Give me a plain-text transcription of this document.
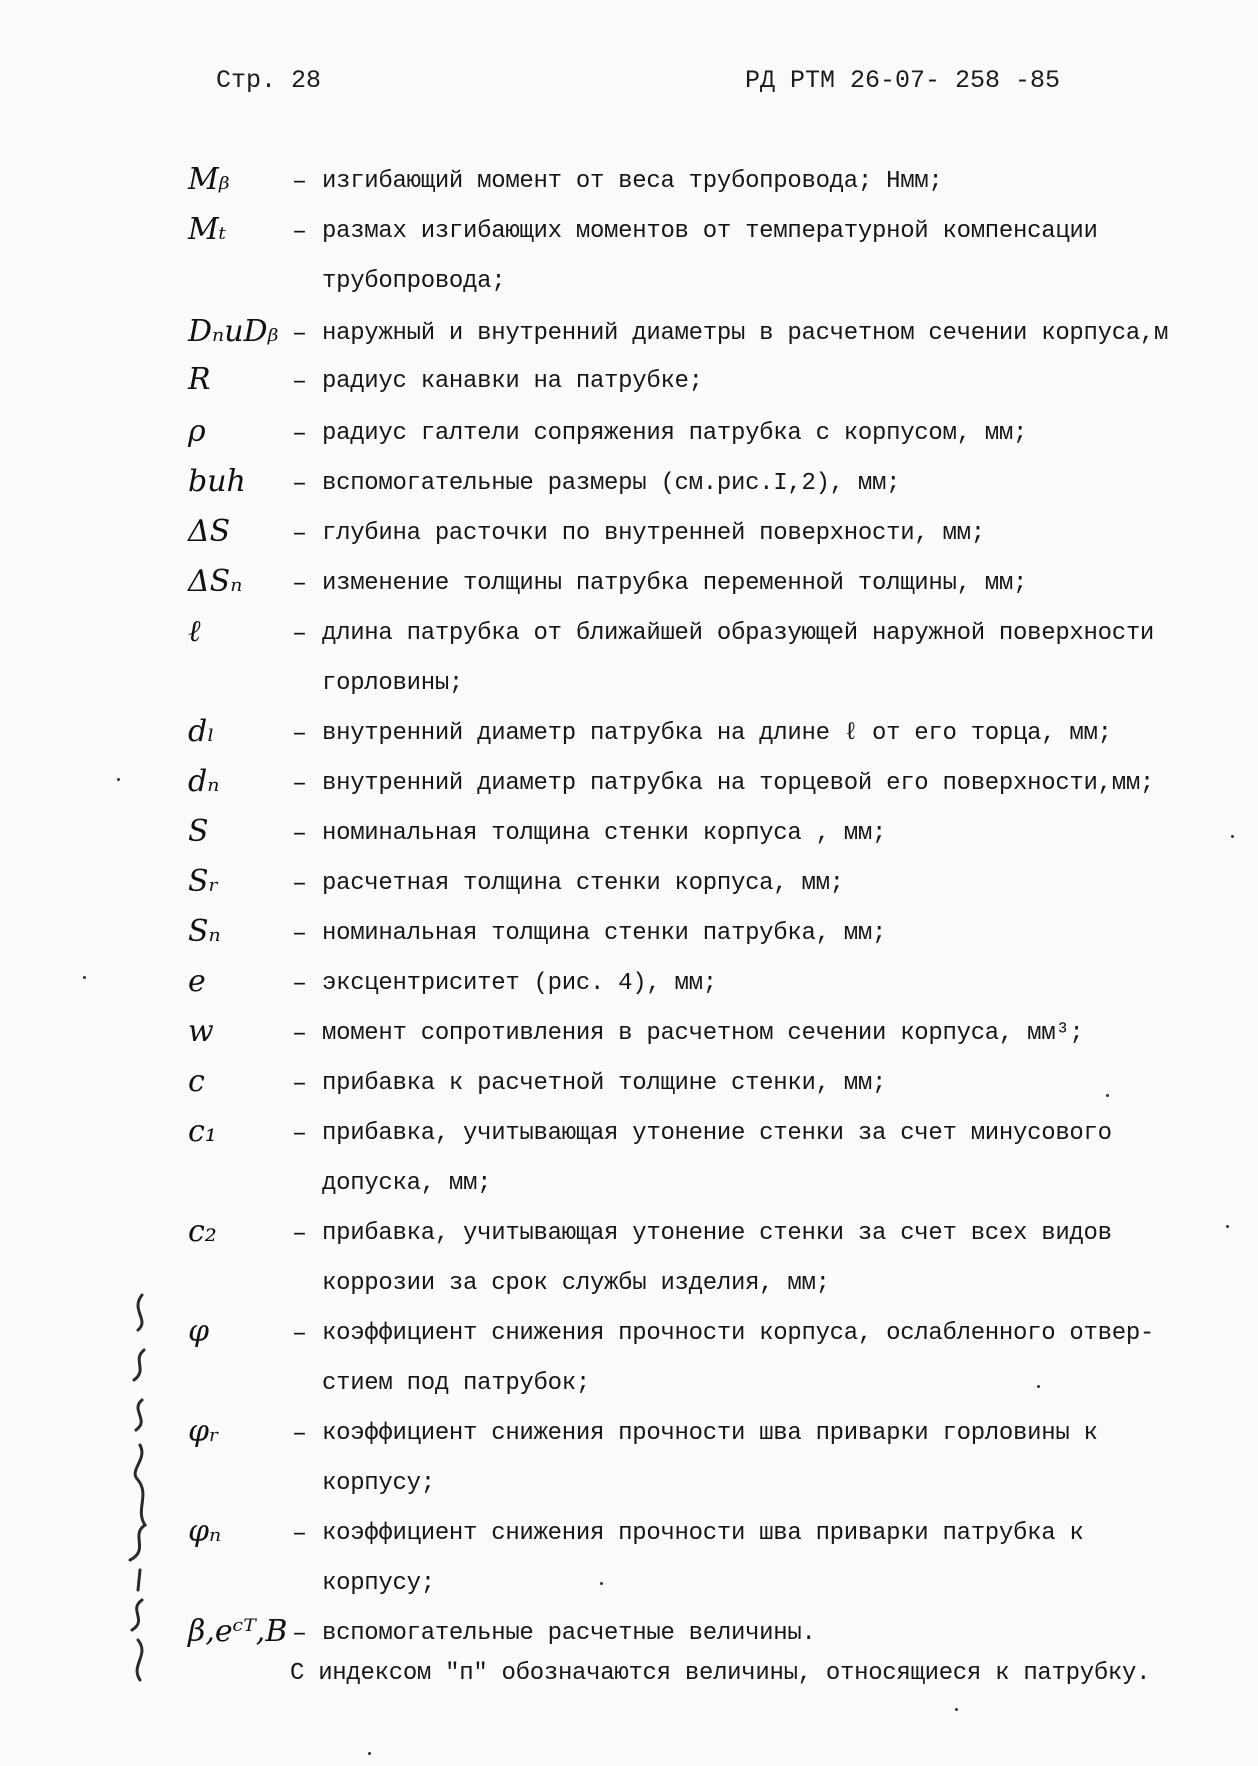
Стр. 28	РД РТМ 26-07- 258 -85
Mᵦ	– изгибающий момент от веса трубопровода; Нмм;
Mₜ	– размах изгибающих моментов от температурной компенсации
трубопровода;
DₙиDᵦ – наружный и внутренний диаметры в расчетном сечении корпуса,м
R	– радиус канавки на патрубке;
ρ	– радиус галтели сопряжения патрубка с корпусом, мм;
bиh	– вспомогательные размеры (см.рис.I,2), мм;
ΔS	– глубина расточки по внутренней поверхности, мм;
ΔSₙ	– изменение толщины патрубка переменной толщины, мм;
ℓ	– длина патрубка от ближайшей образующей наружной поверхности
горловины;
dₗ	– внутренний диаметр патрубка на длине ℓ от его торца, мм;
dₙ	– внутренний диаметр патрубка на торцевой его поверхности,мм;
S	– номинальная толщина стенки корпуса , мм;
Sᵣ	– расчетная толщина стенки корпуса, мм;
Sₙ	– номинальная толщина стенки патрубка, мм;
e	– эксцентриситет (рис. 4), мм;
w	– момент сопротивления в расчетном сечении корпуса, мм³;
c	– прибавка к расчетной толщине стенки, мм;
c₁	– прибавка, учитывающая утонение стенки за счет минусового
допуска, мм;
c₂	– прибавка, учитывающая утонение стенки за счет всех видов
коррозии за срок службы изделия, мм;
φ	– коэффициент снижения прочности корпуса, ослабленного отвер-
стием под патрубок;
φᵣ	– коэффициент снижения прочности шва приварки горловины к
корпусу;
φₙ	– коэффициент снижения прочности шва приварки патрубка к
корпусу;
β,eᶜᵀ,B – вспомогательные расчетные величины.
С индексом "п" обозначаются величины, относящиеся к патрубку.
